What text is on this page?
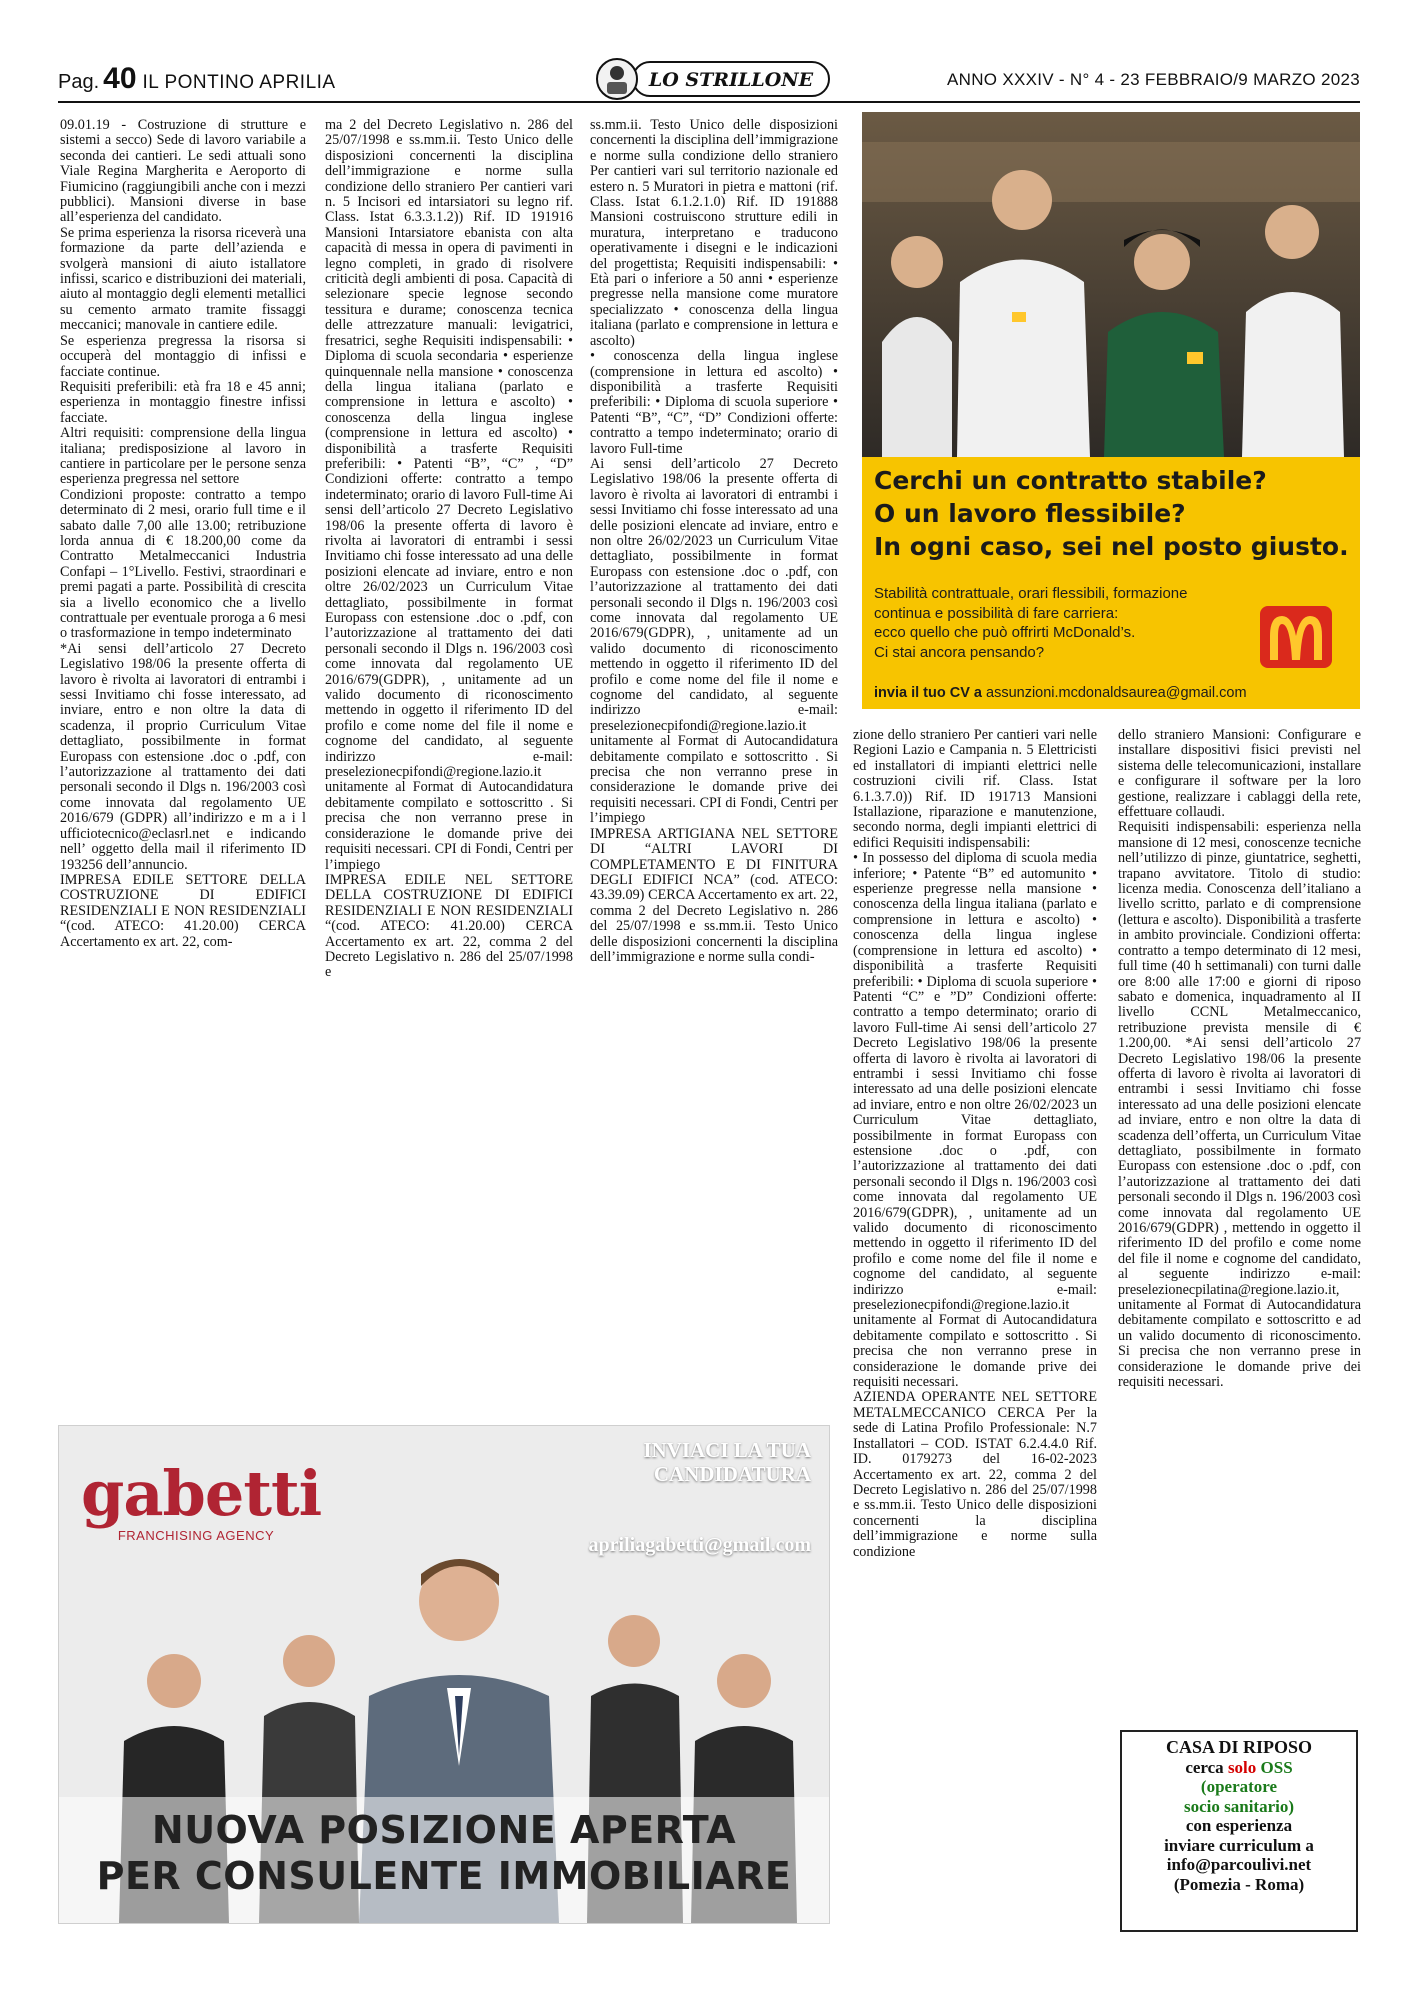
Pag. 40 IL PONTINO APRILIA	LO STRILLONE	ANNO XXXIV - N° 4 - 23 FEBBRAIO/9 MARZO 2023

09.01.19 - Costruzione di strutture e sistemi a secco) Sede di lavoro variabile a seconda dei cantieri. Le sedi attuali sono Viale Regina Margherita e Aeroporto di Fiumicino (raggiungibili anche con i mezzi pubblici). Mansioni diverse in base all’esperienza del candidato.

Se prima esperienza la risorsa riceverà una formazione da parte dell’azienda e svolgerà mansioni di aiuto istallatore infissi, scarico e distribuzioni dei materiali, aiuto al montaggio degli elementi metallici su cemento armato tramite fissaggi meccanici; manovale in cantiere edile.

Se esperienza pregressa la risorsa si occuperà del montaggio di infissi e facciate continue.

Requisiti preferibili: età fra 18 e 45 anni; esperienza in montaggio finestre infissi facciate.

Altri requisiti: comprensione della lingua italiana; predisposizione al lavoro in cantiere in particolare per le persone senza esperienza pregressa nel settore

Condizioni proposte: contratto a tempo determinato di 2 mesi, orario full time e il sabato dalle 7,00 alle 13.00; retribuzione lorda annua di € 18.200,00 come da Contratto Metalmeccanici Industria Confapi – 1°Livello. Festivi, straordinari e premi pagati a parte. Possibilità di crescita sia a livello economico che a livello contrattuale per eventuale proroga a 6 mesi o trasformazione in tempo indeterminato

*Ai sensi dell’articolo 27 Decreto Legislativo 198/06 la presente offerta di lavoro è rivolta ai lavoratori di entrambi i sessi Invitiamo chi fosse interessato, ad inviare, entro e non oltre la data di scadenza, il proprio Curriculum Vitae dettagliato, possibilmente in format Europass con estensione .doc o .pdf, con l’autorizzazione al trattamento dei dati personali secondo il Dlgs n. 196/2003 così come innovata dal regolamento UE 2016/679 (GDPR) all’indirizzo e m a i l ufficiotecnico@eclasrl.net e indicando nell’ oggetto della mail il riferimento ID 193256 dell’annuncio.

IMPRESA EDILE SETTORE DELLA COSTRUZIONE DI EDIFICI RESIDENZIALI E NON RESIDENZIALI “(cod. ATECO: 41.20.00) CERCA Accertamento ex art. 22, com-

ma 2 del Decreto Legislativo n. 286 del 25/07/1998 e ss.mm.ii. Testo Unico delle disposizioni concernenti la disciplina dell’immigrazione e norme sulla condizione dello straniero Per cantieri vari n. 5 Incisori ed intarsiatori su legno rif. Class. Istat 6.3.3.1.2)) Rif. ID 191916 Mansioni Intarsiatore ebanista con alta capacità di messa in opera di pavimenti in legno completi, in grado di risolvere criticità degli ambienti di posa. Capacità di selezionare specie legnose secondo tessitura e durame; conoscenza tecnica delle attrezzature manuali: levigatrici, fresatrici, seghe Requisiti indispensabili: • Diploma di scuola secondaria • esperienze quinquennale nella mansione • conoscenza della lingua italiana (parlato e comprensione in lettura e ascolto) • conoscenza della lingua inglese (comprensione in lettura ed ascolto) • disponibilità a trasferte Requisiti preferibili: • Patenti “B”, “C” , “D” Condizioni offerte: contratto a tempo indeterminato; orario di lavoro Full-time Ai sensi dell’articolo 27 Decreto Legislativo 198/06 la presente offerta di lavoro è rivolta ai lavoratori di entrambi i sessi Invitiamo chi fosse interessato ad una delle posizioni elencate ad inviare, entro e non oltre 26/02/2023 un Curriculum Vitae dettagliato, possibilmente in format Europass con estensione .doc o .pdf, con l’autorizzazione al trattamento dei dati personali secondo il Dlgs n. 196/2003 così come innovata dal regolamento UE 2016/679(GDPR), , unitamente ad un valido documento di riconoscimento mettendo in oggetto il riferimento ID del profilo e come nome del file il nome e cognome del candidato, al seguente indirizzo e-mail: preselezionecpifondi@regione.lazio.it unitamente al Format di Autocandidatura debitamente compilato e sottoscritto . Si precisa che non verranno prese in considerazione le domande prive dei requisiti necessari. CPI di Fondi, Centri per l’impiego

IMPRESA EDILE NEL SETTORE DELLA COSTRUZIONE DI EDIFICI RESIDENZIALI E NON RESIDENZIALI “(cod. ATECO: 41.20.00) CERCA Accertamento ex art. 22, comma 2 del Decreto Legislativo n. 286 del 25/07/1998 e

ss.mm.ii. Testo Unico delle disposizioni concernenti la disciplina dell’immigrazione e norme sulla condizione dello straniero Per cantieri vari sul territorio nazionale ed estero n. 5 Muratori in pietra e mattoni (rif. Class. Istat 6.1.2.1.0) Rif. ID 191888 Mansioni costruiscono strutture edili in muratura, interpretano e traducono operativamente i disegni e le indicazioni del progettista; Requisiti indispensabili: • Età pari o inferiore a 50 anni • esperienze pregresse nella mansione come muratore specializzato • conoscenza della lingua italiana (parlato e comprensione in lettura e ascolto)

• conoscenza della lingua inglese (comprensione in lettura ed ascolto) • disponibilità a trasferte Requisiti preferibili: • Diploma di scuola superiore • Patenti “B”, “C”, “D” Condizioni offerte: contratto a tempo indeterminato; orario di lavoro Full-time

Ai sensi dell’articolo 27 Decreto Legislativo 198/06 la presente offerta di lavoro è rivolta ai lavoratori di entrambi i sessi Invitiamo chi fosse interessato ad una delle posizioni elencate ad inviare, entro e non oltre 26/02/2023 un Curriculum Vitae dettagliato, possibilmente in format Europass con estensione .doc o .pdf, con l’autorizzazione al trattamento dei dati personali secondo il Dlgs n. 196/2003 così come innovata dal regolamento UE 2016/679(GDPR), , unitamente ad un valido documento di riconoscimento mettendo in oggetto il riferimento ID del profilo e come nome del file il nome e cognome del candidato, al seguente indirizzo e-mail: preselezionecpifondi@regione.lazio.it unitamente al Format di Autocandidatura debitamente compilato e sottoscritto . Si precisa che non verranno prese in considerazione le domande prive dei requisiti necessari. CPI di Fondi, Centri per l’impiego

IMPRESA ARTIGIANA NEL SETTORE DI “ALTRI LAVORI DI COMPLETAMENTO E DI FINITURA DEGLI EDIFICI NCA” (cod. ATECO: 43.39.09) CERCA Accertamento ex art. 22, comma 2 del Decreto Legislativo n. 286 del 25/07/1998 e ss.mm.ii. Testo Unico delle disposizioni concernenti la disciplina dell’immigrazione e norme sulla condi-

Cerchi un contratto stabile?
O un lavoro flessibile?
In ogni caso, sei nel posto giusto.
Stabilità contrattuale, orari flessibili, formazione
continua e possibilità di fare carriera:
ecco quello che può offrirti McDonald’s.
Ci stai ancora pensando?
invia il tuo CV a assunzioni.mcdonaldsaurea@gmail.com

zione dello straniero Per cantieri vari nelle Regioni Lazio e Campania n. 5 Elettricisti ed installatori di impianti elettrici nelle costruzioni civili rif. Class. Istat 6.1.3.7.0)) Rif. ID 191713 Mansioni Istallazione, riparazione e manutenzione, secondo norma, degli impianti elettrici di edifici Requisiti indispensabili:

• In possesso del diploma di scuola media inferiore; • Patente “B” ed automunito • esperienze pregresse nella mansione • conoscenza della lingua italiana (parlato e comprensione in lettura e ascolto) • conoscenza della lingua inglese (comprensione in lettura ed ascolto) • disponibilità a trasferte Requisiti preferibili: • Diploma di scuola superiore • Patenti “C” e ”D” Condizioni offerte: contratto a tempo determinato; orario di lavoro Full-time Ai sensi dell’articolo 27 Decreto Legislativo 198/06 la presente offerta di lavoro è rivolta ai lavoratori di entrambi i sessi Invitiamo chi fosse interessato ad una delle posizioni elencate ad inviare, entro e non oltre 26/02/2023 un Curriculum Vitae dettagliato, possibilmente in format Europass con estensione .doc o .pdf, con l’autorizzazione al trattamento dei dati personali secondo il Dlgs n. 196/2003 così come innovata dal regolamento UE 2016/679(GDPR), , unitamente ad un valido documento di riconoscimento mettendo in oggetto il riferimento ID del profilo e come nome del file il nome e cognome del candidato, al seguente indirizzo e-mail: preselezionecpifondi@regione.lazio.it unitamente al Format di Autocandidatura debitamente compilato e sottoscritto . Si precisa che non verranno prese in considerazione le domande prive dei requisiti necessari.

AZIENDA OPERANTE NEL SETTORE METALMECCANICO CERCA Per la sede di Latina Profilo Professionale: N.7 Installatori – COD. ISTAT 6.2.4.4.0 Rif. ID. 0179273 del 16-02-2023 Accertamento ex art. 22, comma 2 del Decreto Legislativo n. 286 del 25/07/1998 e ss.mm.ii. Testo Unico delle disposizioni concernenti la disciplina dell’immigrazione e norme sulla condizione

dello straniero Mansioni: Configurare e installare dispositivi fisici previsti nel sistema delle telecomunicazioni, installare e configurare il software per la loro gestione, realizzare i cablaggi della rete, effettuare collaudi.

Requisiti indispensabili: esperienza nella mansione di 12 mesi, conoscenze tecniche nell’utilizzo di pinze, giuntatrice, seghetti, trapano avvitatore. Titolo di studio: licenza media. Conoscenza dell’italiano a livello scritto, parlato e di comprensione (lettura e ascolto). Disponibilità a trasferte in ambito provinciale. Condizioni offerta: contratto a tempo determinato di 12 mesi, full time (40 h settimanali) con turni dalle ore 8:00 alle 17:00 e giorni di riposo sabato e domenica, inquadramento al II livello CCNL Metalmeccanico, retribuzione prevista mensile di € 1.200,00. *Ai sensi dell’articolo 27 Decreto Legislativo 198/06 la presente offerta di lavoro è rivolta ai lavoratori di entrambi i sessi Invitiamo chi fosse interessato ad una delle posizioni elencate ad inviare, entro e non oltre la data di scadenza dell’offerta, un Curriculum Vitae dettagliato, possibilmente in formato Europass con estensione .doc o .pdf, con l’autorizzazione al trattamento dei dati personali secondo il Dlgs n. 196/2003 così come innovata dal regolamento UE 2016/679(GDPR) , mettendo in oggetto il riferimento ID del profilo e come nome del file il nome e cognome del candidato, al seguente indirizzo e-mail: preselezionecpilatina@regione.lazio.it, unitamente al Format di Autocandidatura debitamente compilato e sottoscritto e ad un valido documento di riconoscimento. Si precisa che non verranno prese in considerazione le domande prive dei requisiti necessari.

gabetti
FRANCHISING AGENCY
INVIACI LA TUA
CANDIDATURA
apriliagabetti@gmail.com
NUOVA POSIZIONE APERTA
PER CONSULENTE IMMOBILIARE
CASA DI RIPOSO
cerca solo OSS
(operatore
socio sanitario)
con esperienza
inviare curriculum a
info@parcoulivi.net
(Pomezia - Roma)
